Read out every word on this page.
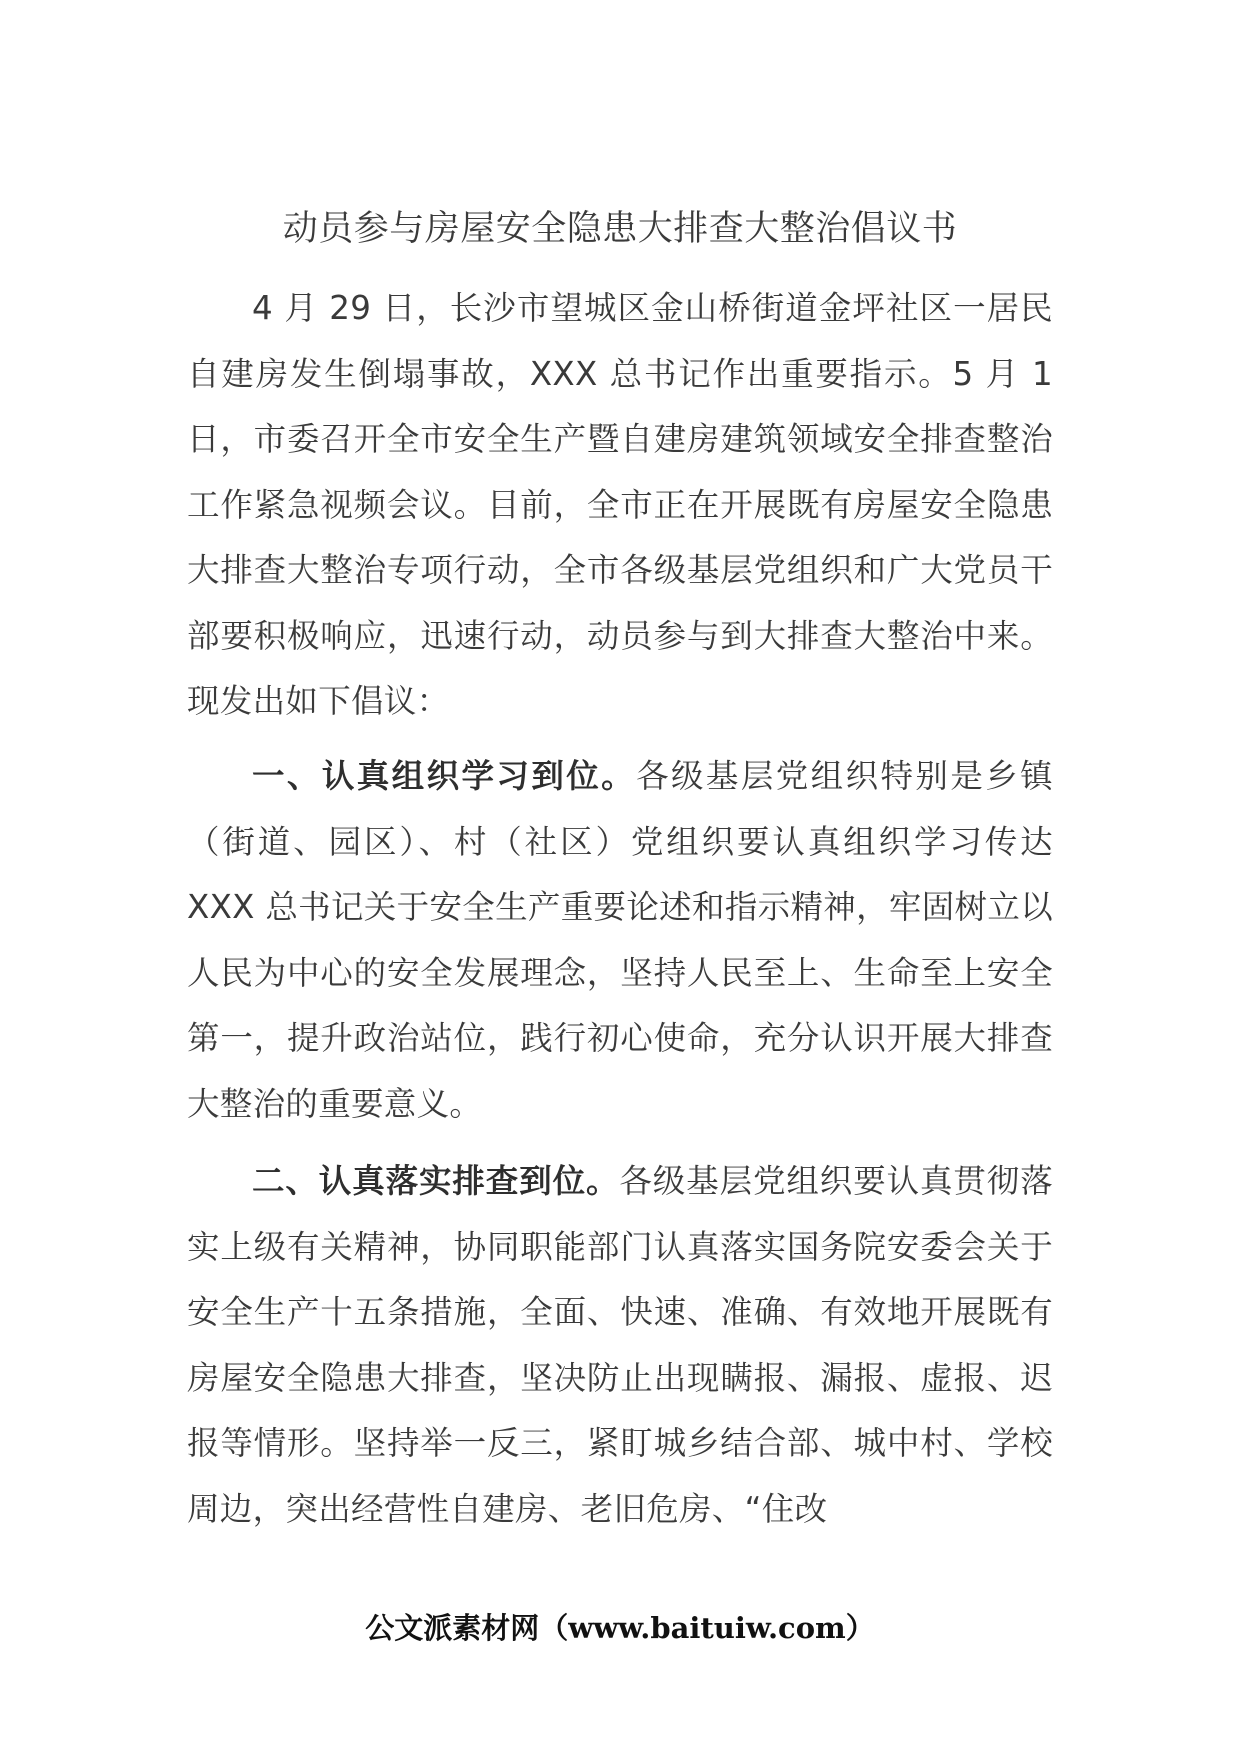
动员参与房屋安全隐患大排查大整治倡议书

4 月 29 日，长沙市望城区金山桥街道金坪社区一居民自建房发生倒塌事故，XXX 总书记作出重要指示。5 月 1 日，市委召开全市安全生产暨自建房建筑领域安全排查整治工作紧急视频会议。目前，全市正在开展既有房屋安全隐患大排查大整治专项行动，全市各级基层党组织和广大党员干部要积极响应，迅速行动，动员参与到大排查大整治中来。现发出如下倡议：

一、认真组织学习到位。各级基层党组织特别是乡镇（街道、园区）、村（社区）党组织要认真组织学习传达 XXX 总书记关于安全生产重要论述和指示精神，牢固树立以人民为中心的安全发展理念，坚持人民至上、生命至上安全第一，提升政治站位，践行初心使命，充分认识开展大排查大整治的重要意义。

二、认真落实排查到位。各级基层党组织要认真贯彻落实上级有关精神，协同职能部门认真落实国务院安委会关于安全生产十五条措施，全面、快速、准确、有效地开展既有房屋安全隐患大排查，坚决防止出现瞒报、漏报、虚报、迟报等情形。坚持举一反三，紧盯城乡结合部、城中村、学校周边，突出经营性自建房、老旧危房、“住改

公文派素材网（www.baituiw.com）
